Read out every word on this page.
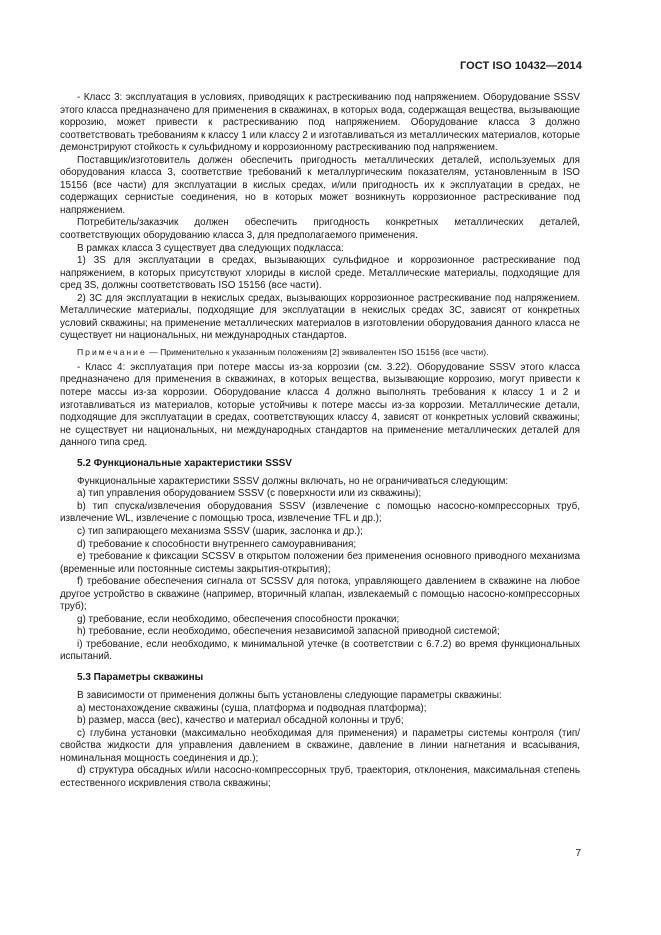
ГОСТ ISO 10432—2014

- Класс 3: эксплуатация в условиях, приводящих к растрескиванию под напряжением. Оборудование SSSV этого класса предназначено для применения в скважинах, в которых вода, содержащая вещества, вызывающие коррозию, может привести к растрескиванию под напряжением. Оборудование класса 3 должно соответствовать требованиям к классу 1 или классу 2 и изготавливаться из металлических материалов, которые демонстрируют стойкость к сульфидному и коррозионному растрескиванию под напряжением.

Поставщик/изготовитель должен обеспечить пригодность металлических деталей, используемых для оборудования класса 3, соответствие требований к металлургическим показателям, установленным в ISO 15156 (все части) для эксплуатации в кислых средах, и/или пригодность их к эксплуатации в средах, не содержащих сернистые соединения, но в которых может возникнуть коррозионное растрескивание под напряжением.

Потребитель/заказчик должен обеспечить пригодность конкретных металлических деталей, соответствующих оборудованию класса 3, для предполагаемого применения.

В рамках класса 3 существует два следующих подкласса:

1) 3S для эксплуатации в средах, вызывающих сульфидное и коррозионное растрескивание под напряжением, в которых присутствуют хлориды в кислой среде. Металлические материалы, подходящие для сред 3S, должны соответствовать ISO 15156 (все части).

2) 3C для эксплуатации в некислых средах, вызывающих коррозионное растрескивание под напряжением. Металлические материалы, подходящие для эксплуатации в некислых средах 3C, зависят от конкретных условий скважины; на применение металлических материалов в изготовлении оборудования данного класса не существует ни национальных, ни международных стандартов.

Примечание — Применительно к указанным положениям [2] эквивалентен ISO 15156 (все части).

- Класс 4: эксплуатация при потере массы из-за коррозии (см. 3.22). Оборудование SSSV этого класса предназначено для применения в скважинах, в которых вещества, вызывающие коррозию, могут привести к потере массы из-за коррозии. Оборудование класса 4 должно выполнять требования к классу 1 и 2 и изготавливаться из материалов, которые устойчивы к потере массы из-за коррозии. Металлические детали, подходящие для эксплуатации в средах, соответствующих классу 4, зависят от конкретных условий скважины; не существует ни национальных, ни международных стандартов на применение металлических деталей для данного типа сред.

5.2 Функциональные характеристики SSSV

Функциональные характеристики SSSV должны включать, но не ограничиваться следующим:

а) тип управления оборудованием SSSV (с поверхности или из скважины);

b) тип спуска/извлечения оборудования SSSV (извлечение с помощью насосно-компрессорных труб, извлечение WL, извлечение с помощью троса, извлечение TFL и др.);

c) тип запирающего механизма SSSV (шарик, заслонка и др.);

d) требование к способности внутреннего самоуравнивания;

e) требование к фиксации SCSSV в открытом положении без применения основного приводного механизма (временные или постоянные системы закрытия-открытия);

f) требование обеспечения сигнала от SCSSV для потока, управляющего давлением в скважине на любое другое устройство в скважине (например, вторичный клапан, извлекаемый с помощью насосно-компрессорных труб);

g) требование, если необходимо, обеспечения способности прокачки;

h) требование, если необходимо, обеспечения независимой запасной приводной системой;

i) требование, если необходимо, к минимальной утечке (в соответствии с 6.7.2) во время функциональных испытаний.

5.3 Параметры скважины

В зависимости от применения должны быть установлены следующие параметры скважины:

а) местонахождение скважины (суша, платформа и подводная платформа);

b) размер, масса (вес), качество и материал обсадной колонны и труб;

c) глубина установки (максимально необходимая для применения) и параметры системы контроля (тип/свойства жидкости для управления давлением в скважине, давление в линии нагнетания и всасывания, номинальная мощность соединения и др.);

d) структура обсадных и/или насосно-компрессорных труб, траектория, отклонения, максимальная степень естественного искривления ствола скважины;

7
